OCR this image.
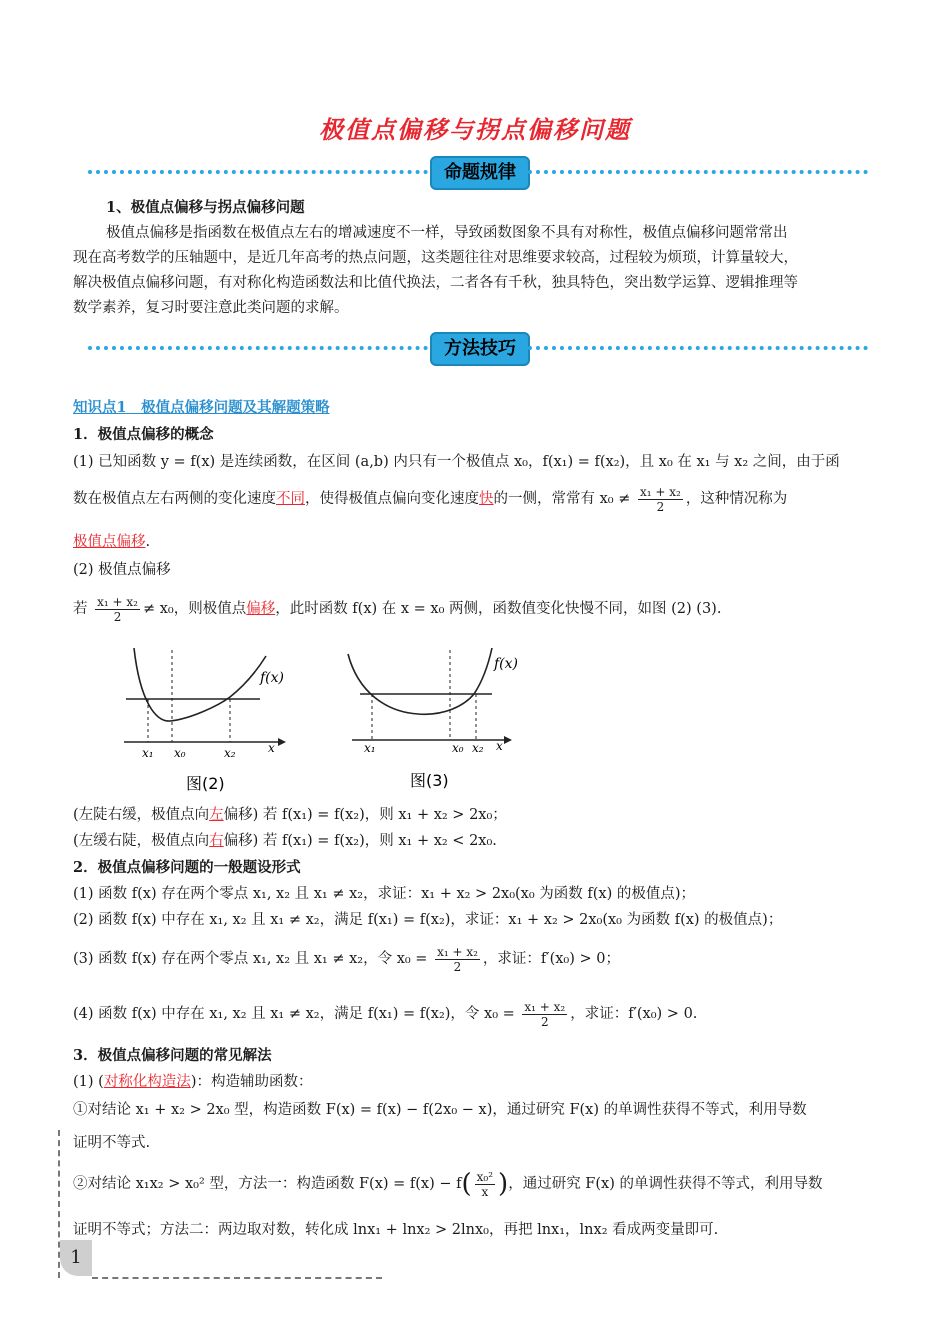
极值点偏移与拐点偏移问题
命题规律
1、极值点偏移与拐点偏移问题
极值点偏移是指函数在极值点左右的增减速度不一样，导致函数图象不具有对称性，极值点偏移问题常常出
现在高考数学的压轴题中，是近几年高考的热点问题，这类题往往对思维要求较高，过程较为烦琐，计算量较大，
解决极值点偏移问题，有对称化构造函数法和比值代换法，二者各有千秋，独具特色，突出数学运算、逻辑推理等
数学素养，复习时要注意此类问题的求解。
方法技巧
知识点1　极值点偏移问题及其解题策略
1．极值点偏移的概念
(1) 已知函数 y = f(x) 是连续函数，在区间 (a,b) 内只有一个极值点 x₀，f(x₁) = f(x₂)，且 x₀ 在 x₁ 与 x₂ 之间，由于函
数在极值点左右两侧的变化速度不同，使得极值点偏向变化速度快的一侧，常常有 $x_0 \ne \frac{\text{x₁ + x₂}}{2}$ ，这种情况称为
极值点偏移.
(2) 极值点偏移
若 $\frac{\text{x₁ + x₂}}{2} \ne x_0$，则极值点偏移，此时函数 f(x) 在 x = x₀ 两侧，函数值变化快慢不同，如图 (2) (3).
f(x)
x₁ x₀	x₂	x
图(2)
f(x)
x₁	x₀ x₂ x
图(3)
(左陡右缓，极值点向左偏移) 若 f(x₁) = f(x₂)，则 x₁ + x₂ > 2x₀；
(左缓右陡，极值点向右偏移) 若 f(x₁) = f(x₂)，则 x₁ + x₂ < 2x₀.
2．极值点偏移问题的一般题设形式
(1) 函数 f(x) 存在两个零点 x₁, x₂ 且 x₁ ≠ x₂，求证：x₁ + x₂ > 2x₀(x₀ 为函数 f(x) 的极值点)；
(2) 函数 f(x) 中存在 x₁, x₂ 且 x₁ ≠ x₂，满足 f(x₁) = f(x₂)，求证：x₁ + x₂ > 2x₀(x₀ 为函数 f(x) 的极值点)；
(3) 函数 f(x) 存在两个零点 x₁, x₂ 且 x₁ ≠ x₂，令 $x_0 = \frac{\text{x₁ + x₂}}{2}$ ，求证：f′(x₀) > 0；
(4) 函数 f(x) 中存在 x₁, x₂ 且 x₁ ≠ x₂，满足 f(x₁) = f(x₂)，令 $x_0 = \frac{\text{x₁ + x₂}}{2}$ ，求证：f′(x₀) > 0.
3．极值点偏移问题的常见解法
(1) (对称化构造法)：构造辅助函数：
①对结论 x₁ + x₂ > 2x₀ 型，构造函数 F(x) = f(x) − f(2x₀ − x)，通过研究 F(x) 的单调性获得不等式，利用导数
证明不等式.
②对结论 x₁x₂ > x₀² 型，方法一：构造函数 $F(x) = f(x) - f( \frac{\text{x₀²}}{x}$ )，通过研究 F(x) 的单调性获得不等式，利用导数
证明不等式；方法二：两边取对数，转化成 lnx₁ + lnx₂ > 2lnx₀，再把 lnx₁，lnx₂ 看成两变量即可.
1
